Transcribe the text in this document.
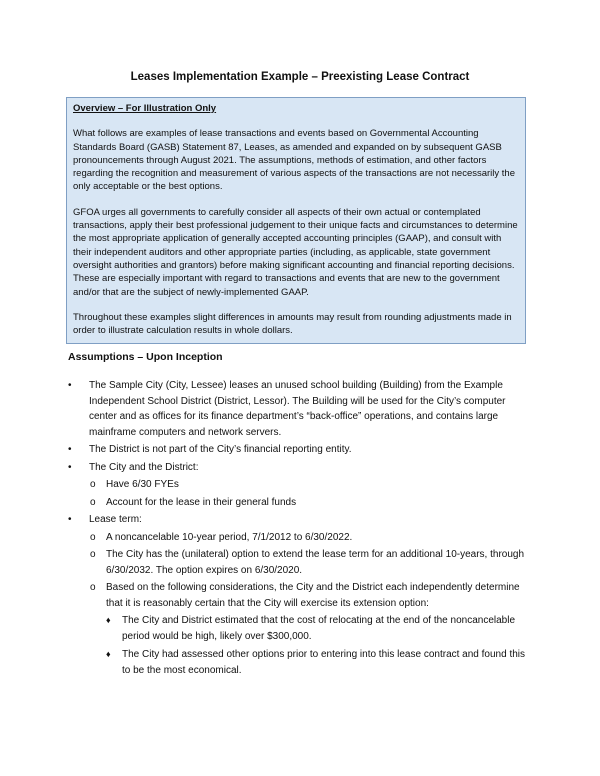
Leases Implementation Example – Preexisting Lease Contract
Overview – For Illustration Only

What follows are examples of lease transactions and events based on Governmental Accounting Standards Board (GASB) Statement 87, Leases, as amended and expanded on by subsequent GASB pronouncements through August 2021. The assumptions, methods of estimation, and other factors regarding the recognition and measurement of various aspects of the transactions are not necessarily the only acceptable or the best options.

GFOA urges all governments to carefully consider all aspects of their own actual or contemplated transactions, apply their best professional judgement to their unique facts and circumstances to determine the most appropriate application of generally accepted accounting principles (GAAP), and consult with their independent auditors and other appropriate parties (including, as applicable, state government oversight authorities and grantors) before making significant accounting and financial reporting decisions. These are especially important with regard to transactions and events that are new to the government and/or that are the subject of newly-implemented GAAP.

Throughout these examples slight differences in amounts may result from rounding adjustments made in order to illustrate calculation results in whole dollars.

Assumptions – Upon Inception
• The Sample City (City, Lessee) leases an unused school building (Building) from the Example Independent School District (District, Lessor). The Building will be used for the City’s computer center and as offices for its finance department’s “back-office” operations, and contains large mainframe computers and network servers.
• The District is not part of the City’s financial reporting entity.
• The City and the District:
o Have 6/30 FYEs
o Account for the lease in their general funds
• Lease term:
o A noncancelable 10-year period, 7/1/2012 to 6/30/2022.
o The City has the (unilateral) option to extend the lease term for an additional 10-years, through 6/30/2032. The option expires on 6/30/2020.
o Based on the following considerations, the City and the District each independently determine that it is reasonably certain that the City will exercise its extension option:
♦ The City and District estimated that the cost of relocating at the end of the noncancelable period would be high, likely over $300,000.
♦ The City had assessed other options prior to entering into this lease contract and found this to be the most economical.
